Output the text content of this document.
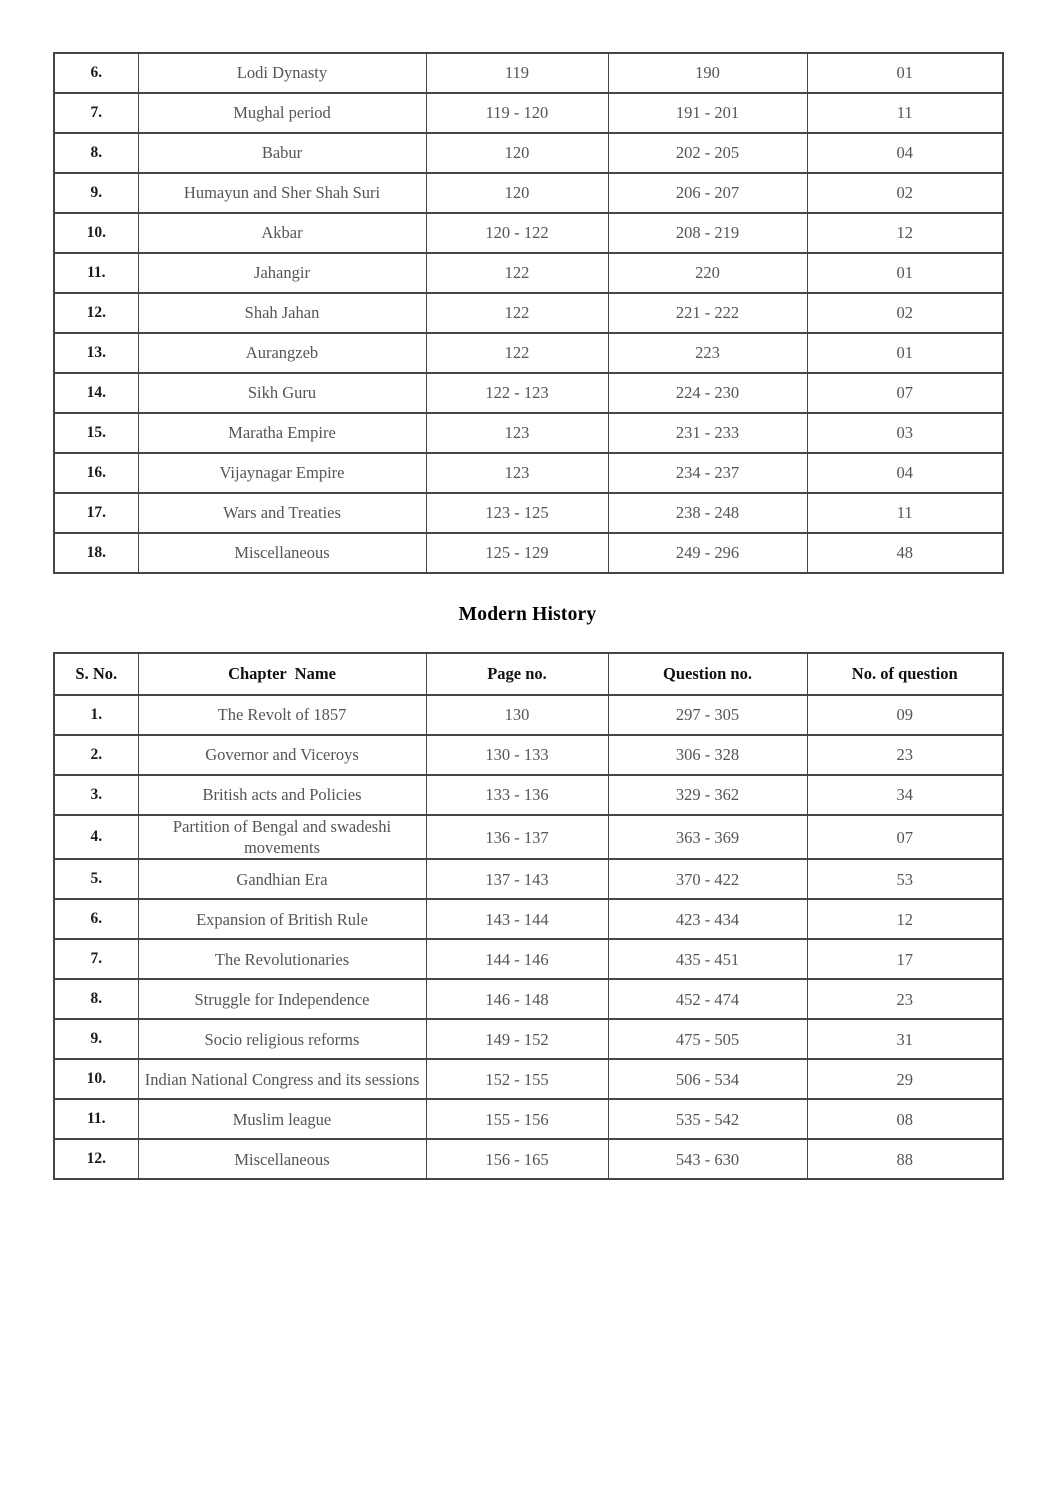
6.	Lodi Dynasty	119	190	01
7.	Mughal period	119 - 120	191 - 201	11
8.	Babur	120	202 - 205	04
9.	Humayun and Sher Shah Suri	120	206 - 207	02
10.	Akbar	120 - 122	208 - 219	12
11.	Jahangir	122	220	01
12.	Shah Jahan	122	221 - 222	02
13.	Aurangzeb	122	223	01
14.	Sikh Guru	122 - 123	224 - 230	07
15.	Maratha Empire	123	231 - 233	03
16.	Vijaynagar Empire	123	234 - 237	04
17.	Wars and Treaties	123 - 125	238 - 248	11
18.	Miscellaneous	125 - 129	249 - 296	48
Modern History
S. No.	Chapter  Name	Page no.	Question no.	No. of question
1.	The Revolt of 1857	130	297 - 305	09
2.	Governor and Viceroys	130 - 133	306 - 328	23
3.	British acts and Policies	133 - 136	329 - 362	34
4.	Partition of Bengal and swadeshi movements	136 - 137	363 - 369	07
5.	Gandhian Era	137 - 143	370 - 422	53
6.	Expansion of British Rule	143 - 144	423 - 434	12
7.	The Revolutionaries	144 - 146	435 - 451	17
8.	Struggle for Independence	146 - 148	452 - 474	23
9.	Socio religious reforms	149 - 152	475 - 505	31
10.	Indian National Congress and its sessions	152 - 155	506 - 534	29
11.	Muslim league	155 - 156	535 - 542	08
12.	Miscellaneous	156 - 165	543 - 630	88
